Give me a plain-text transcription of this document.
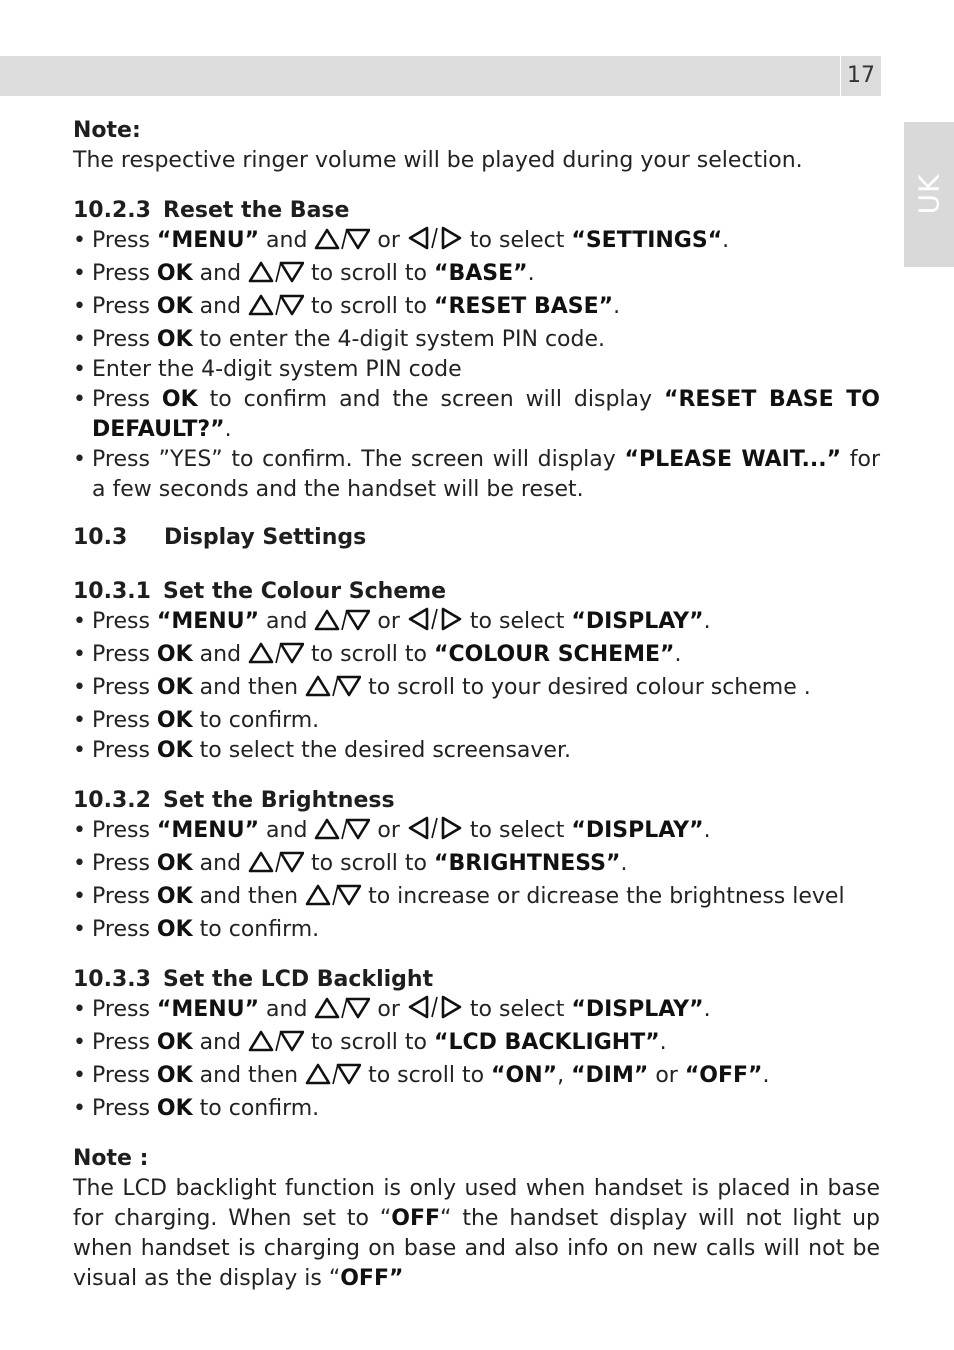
17
UK

Note:

The respective ringer volume will be played during your selection.

10.2.3 Reset the Base

• Press “MENU” and	or	to select “SETTINGS“.
• Press OK and	to scroll to “BASE”.
• Press OK and	to scroll to “RESET BASE”.
• Press OK to enter the 4-digit system PIN code.
• Enter the 4-digit system PIN code
• Press OK to confirm and the screen will display “RESET BASE TO DEFAULT?”.
• Press ”YES” to confirm. The screen will display “PLEASE WAIT...” for a few seconds and the handset will be reset.

10.3 Display Settings

10.3.1 Set the Colour Scheme

• Press “MENU” and	or	to select “DISPLAY”.
• Press OK and	to scroll to “COLOUR SCHEME”.
• Press OK and then	to scroll to your desired colour scheme .
• Press OK to confirm.
• Press OK to select the desired screensaver.

10.3.2 Set the Brightness

• Press “MENU” and	or	to select “DISPLAY”.
• Press OK and	to scroll to “BRIGHTNESS”.
• Press OK and then	to increase or dicrease the brightness level
• Press OK to confirm.

10.3.3 Set the LCD Backlight

• Press “MENU” and	or	to select “DISPLAY”.
• Press OK and	to scroll to “LCD BACKLIGHT”.
• Press OK and then	to scroll to “ON”, “DIM” or “OFF”.
• Press OK to confirm.

Note :

The LCD backlight function is only used when handset is placed in base for charging. When set to “OFF“ the handset display will not light up when handset is charging on base and also info on new calls will not be visual as the display is “OFF”
